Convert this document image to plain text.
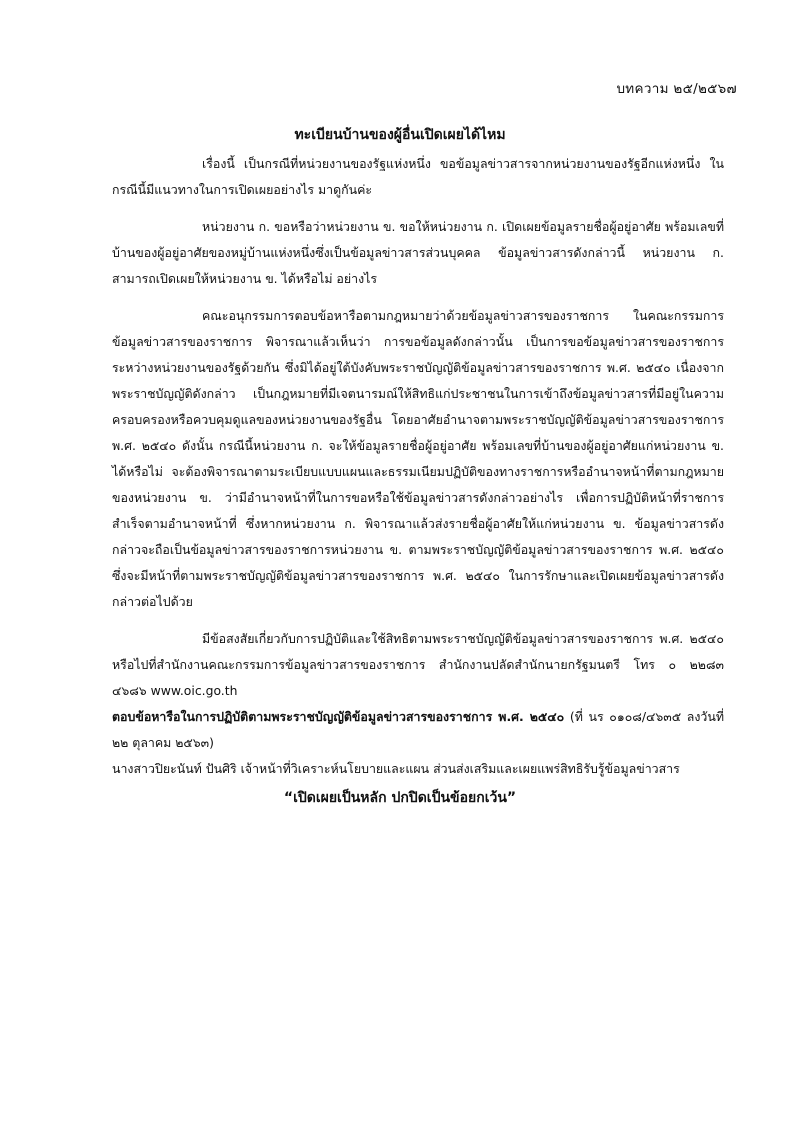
บทความ ๒๕/๒๕๖๗
ทะเบียนบ้านของผู้อื่นเปิดเผยได้ไหม

เรื่องนี้ เป็นกรณีที่หน่วยงานของรัฐแห่งหนึ่ง ขอข้อมูลข่าวสารจากหน่วยงานของรัฐอีกแห่งหนึ่ง ในกรณีนี้มีแนวทางในการเปิดเผยอย่างไร มาดูกันค่ะ

หน่วยงาน ก. ขอหรือว่าหน่วยงาน ข. ขอให้หน่วยงาน ก. เปิดเผยข้อมูลรายชื่อผู้อยู่อาศัย พร้อมเลขที่บ้านของผู้อยู่อาศัยของหมู่บ้านแห่งหนึ่งซึ่งเป็นข้อมูลข่าวสารส่วนบุคคล ข้อมูลข่าวสารดังกล่าวนี้ หน่วยงาน ก. สามารถเปิดเผยให้หน่วยงาน ข. ได้หรือไม่ อย่างไร

คณะอนุกรรมการตอบข้อหารือตามกฎหมายว่าด้วยข้อมูลข่าวสารของราชการ ในคณะกรรมการข้อมูลข่าวสารของราชการ พิจารณาแล้วเห็นว่า การขอข้อมูลดังกล่าวนั้น เป็นการขอข้อมูลข่าวสารของราชการระหว่างหน่วยงานของรัฐด้วยกัน ซึ่งมิได้อยู่ใต้บังคับพระราชบัญญัติข้อมูลข่าวสารของราชการ พ.ศ. ๒๕๔๐ เนื่องจากพระราชบัญญัติดังกล่าว เป็นกฎหมายที่มีเจตนารมณ์ให้สิทธิแก่ประชาชนในการเข้าถึงข้อมูลข่าวสารที่มีอยู่ในความครอบครองหรือควบคุมดูแลของหน่วยงานของรัฐอื่น โดยอาศัยอำนาจตามพระราชบัญญัติข้อมูลข่าวสารของราชการ พ.ศ. ๒๕๔๐ ดังนั้น กรณีนี้หน่วยงาน ก. จะให้ข้อมูลรายชื่อผู้อยู่อาศัย พร้อมเลขที่บ้านของผู้อยู่อาศัยแก่หน่วยงาน ข. ได้หรือไม่ จะต้องพิจารณาตามระเบียบแบบแผนและธรรมเนียมปฏิบัติของทางราชการหรืออำนาจหน้าที่ตามกฎหมายของหน่วยงาน ข. ว่ามีอำนาจหน้าที่ในการขอหรือใช้ข้อมูลข่าวสารดังกล่าวอย่างไร เพื่อการปฏิบัติหน้าที่ราชการสำเร็จตามอำนาจหน้าที่ ซึ่งหากหน่วยงาน ก. พิจารณาแล้วส่งรายชื่อผู้อาศัยให้แก่หน่วยงาน ข. ข้อมูลข่าวสารดังกล่าวจะถือเป็นข้อมูลข่าวสารของราชการหน่วยงาน ข. ตามพระราชบัญญัติข้อมูลข่าวสารของราชการ พ.ศ. ๒๕๔๐ ซึ่งจะมีหน้าที่ตามพระราชบัญญัติข้อมูลข่าวสารของราชการ พ.ศ. ๒๕๔๐ ในการรักษาและเปิดเผยข้อมูลข่าวสารดังกล่าวต่อไปด้วย

มีข้อสงสัยเกี่ยวกับการปฏิบัติและใช้สิทธิตามพระราชบัญญัติข้อมูลข่าวสารของราชการ พ.ศ. ๒๕๔๐ หรือไปที่สำนักงานคณะกรรมการข้อมูลข่าวสารของราชการ สำนักงานปลัดสำนักนายกรัฐมนตรี โทร ๐ ๒๒๘๓ ๔๖๘๖ www.oic.go.th

ตอบข้อหารือในการปฏิบัติตามพระราชบัญญัติข้อมูลข่าวสารของราชการ พ.ศ. ๒๕๔๐ (ที่ นร ๐๑๐๘/๔๖๓๕ ลงวันที่ ๒๒ ตุลาคม ๒๕๖๓)

นางสาวปิยะนันท์ ปันศิริ เจ้าหน้าที่วิเคราะห์นโยบายและแผน ส่วนส่งเสริมและเผยแพร่สิทธิรับรู้ข้อมูลข่าวสาร

“เปิดเผยเป็นหลัก ปกปิดเป็นข้อยกเว้น”
